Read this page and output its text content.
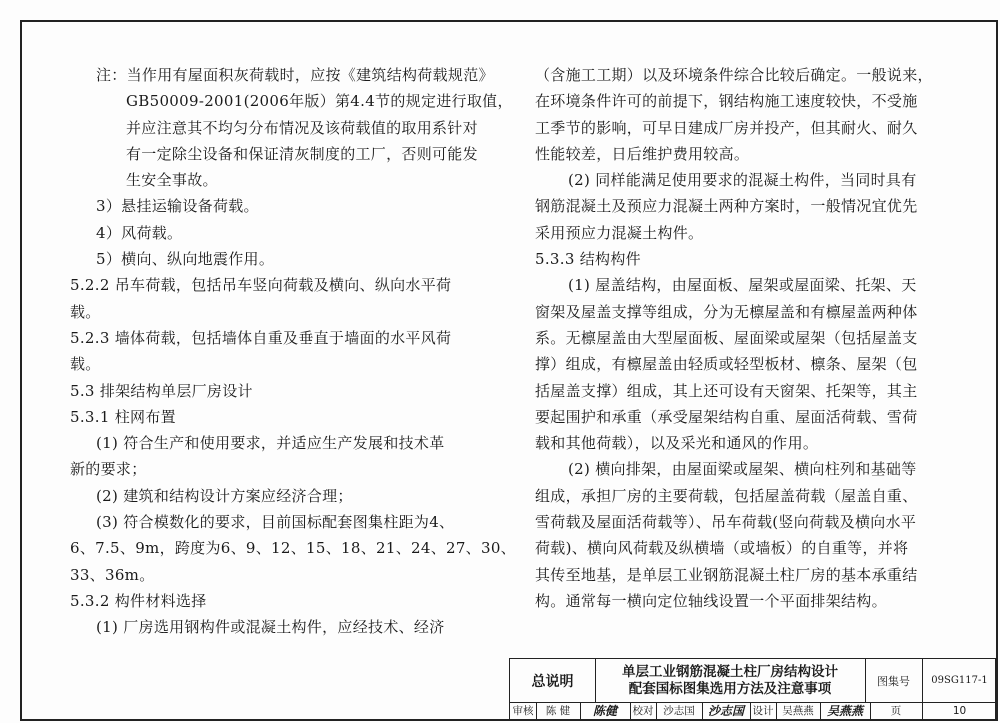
注：当作用有屋面积灰荷载时，应按《建筑结构荷载规范》
GB50009-2001(2006年版）第4.4节的规定进行取值，
并应注意其不均匀分布情况及该荷载值的取用系针对
有一定除尘设备和保证清灰制度的工厂，否则可能发
生安全事故。
3）悬挂运输设备荷载。
4）风荷载。
5）横向、纵向地震作用。
5.2.2 吊车荷载，包括吊车竖向荷载及横向、纵向水平荷
载。
5.2.3 墙体荷载，包括墙体自重及垂直于墙面的水平风荷
载。
5.3 排架结构单层厂房设计
5.3.1 柱网布置
(1) 符合生产和使用要求，并适应生产发展和技术革
新的要求；
(2) 建筑和结构设计方案应经济合理；
(3) 符合模数化的要求，目前国标配套图集柱距为4、
6、7.5、9m，跨度为6、9、12、15、18、21、24、27、30、
33、36m。
5.3.2 构件材料选择
(1) 厂房选用钢构件或混凝土构件，应经技术、经济
（含施工工期）以及环境条件综合比较后确定。一般说来，
在环境条件许可的前提下，钢结构施工速度较快，不受施
工季节的影响，可早日建成厂房并投产，但其耐火、耐久
性能较差，日后维护费用较高。
(2) 同样能满足使用要求的混凝土构件，当同时具有
钢筋混凝土及预应力混凝土两种方案时，一般情况宜优先
采用预应力混凝土构件。
5.3.3 结构构件
(1) 屋盖结构，由屋面板、屋架或屋面梁、托架、天
窗架及屋盖支撑等组成，分为无檩屋盖和有檩屋盖两种体
系。无檩屋盖由大型屋面板、屋面梁或屋架（包括屋盖支
撑）组成，有檩屋盖由轻质或轻型板材、檩条、屋架（包
括屋盖支撑）组成，其上还可设有天窗架、托架等，其主
要起围护和承重（承受屋架结构自重、屋面活荷载、雪荷
载和其他荷载），以及采光和通风的作用。
(2) 横向排架，由屋面梁或屋架、横向柱列和基础等
组成，承担厂房的主要荷载，包括屋盖荷载（屋盖自重、
雪荷载及屋面活荷载等）、吊车荷载(竖向荷载及横向水平
荷载)、横向风荷载及纵横墙（或墙板）的自重等，并将
其传至地基，是单层工业钢筋混凝土柱厂房的基本承重结
构。通常每一横向定位轴线设置一个平面排架结构。
总说明
单层工业钢筋混凝土柱厂房结构设计
配套国标图集选用方法及注意事项	图集号	09SG117-1
审核	陈 健	陈健	校对 沙志国	沙志国 设计 吴燕燕	吴燕燕	页	10
